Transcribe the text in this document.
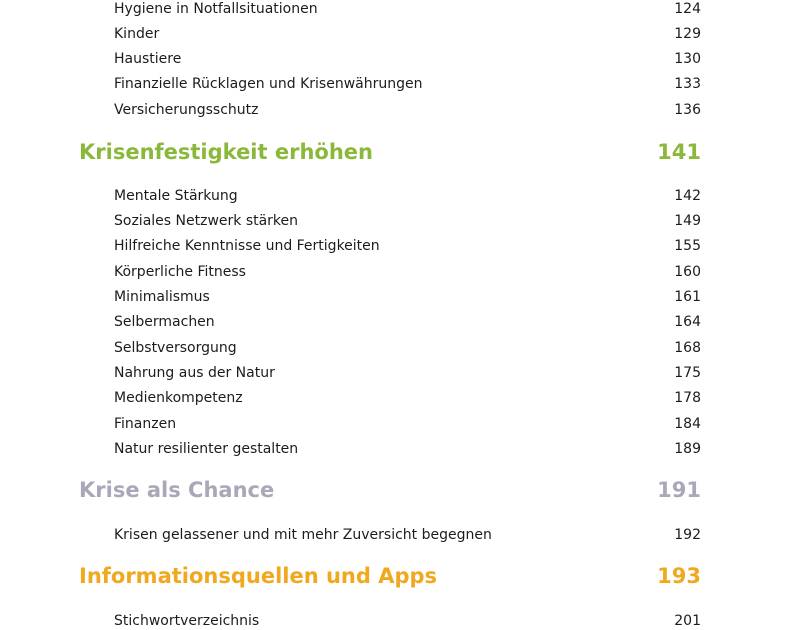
Hygiene in Notfallsituationen	124
Kinder	129
Haustiere	130
Finanzielle Rücklagen und Krisenwährungen	133
Versicherungsschutz	136
Krisenfestigkeit erhöhen	141
Mentale Stärkung	142
Soziales Netzwerk stärken	149
Hilfreiche Kenntnisse und Fertigkeiten	155
Körperliche Fitness	160
Minimalismus	161
Selbermachen	164
Selbstversorgung	168
Nahrung aus der Natur	175
Medienkompetenz	178
Finanzen	184
Natur resilienter gestalten	189
Krise als Chance	191
Krisen gelassener und mit mehr Zuversicht begegnen	192
Informationsquellen und Apps	193
Stichwortverzeichnis	201
